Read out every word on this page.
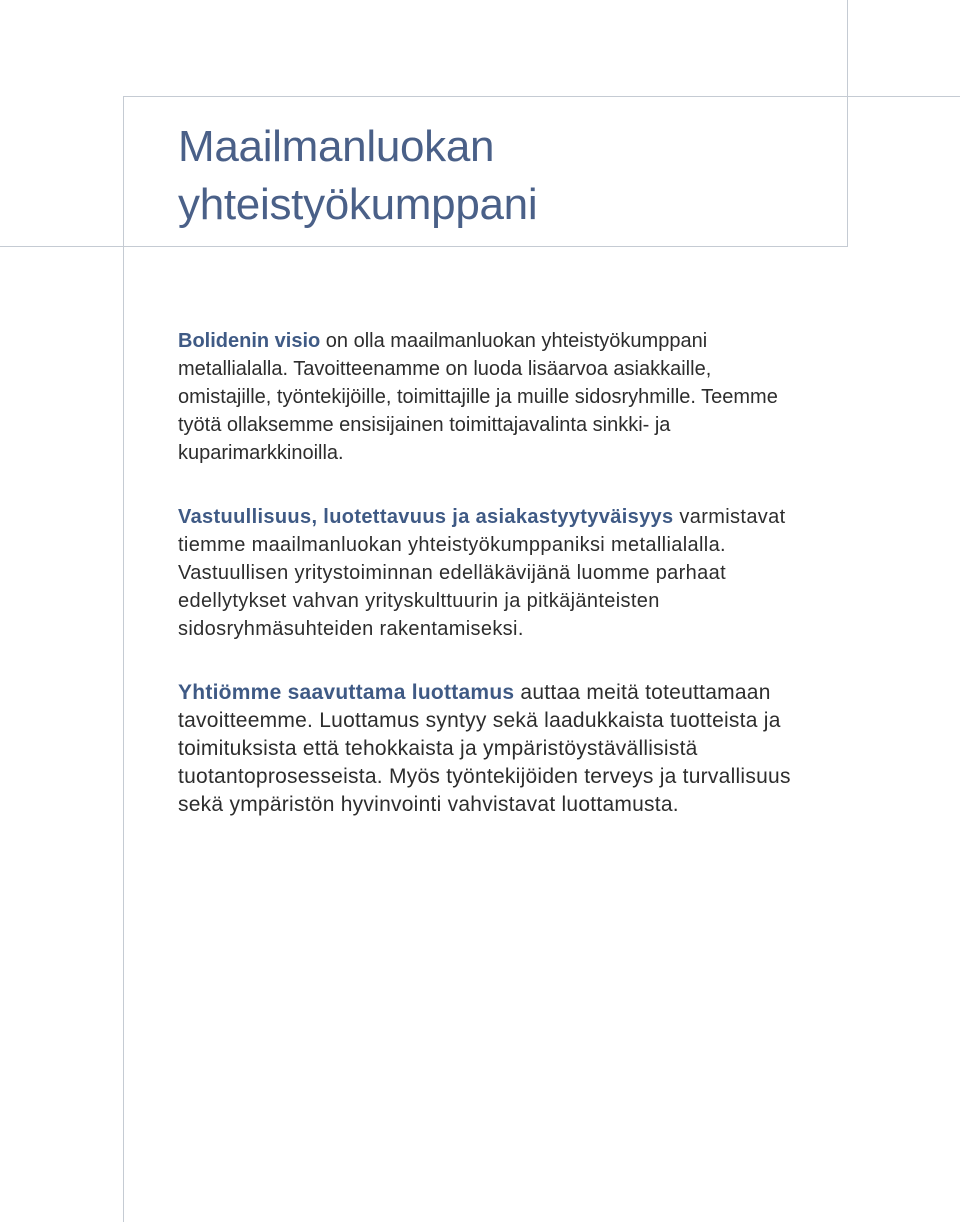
Maailmanluokan
yhteistyökumppani

Bolidenin visio on olla maailmanluokan yhteistyökumppani metallialalla. Tavoitteenamme on luoda lisäarvoa asiakkaille, omistajille, työntekijöille, toimittajille ja muille sidosryhmille. Teemme työtä ollaksemme ensisijainen toimittajavalinta sinkki- ja kuparimarkkinoilla.

Vastuullisuus, luotettavuus ja asiakastyytyväisyys varmistavat tiemme maailmanluokan yhteistyökumppaniksi metallialalla. Vastuullisen yritystoiminnan edelläkävijänä luomme parhaat edellytykset vahvan yrityskulttuurin ja pitkäjänteisten sidosryhmäsuhteiden rakentamiseksi.

Yhtiömme saavuttama luottamus auttaa meitä toteuttamaan tavoitteemme. Luottamus syntyy sekä laadukkaista tuotteista ja toimituksista että tehokkaista ja ympäristöystävällisistä tuotantoprosesseista. Myös työntekijöiden terveys ja turvallisuus sekä ympäristön hyvinvointi vahvistavat luottamusta.
